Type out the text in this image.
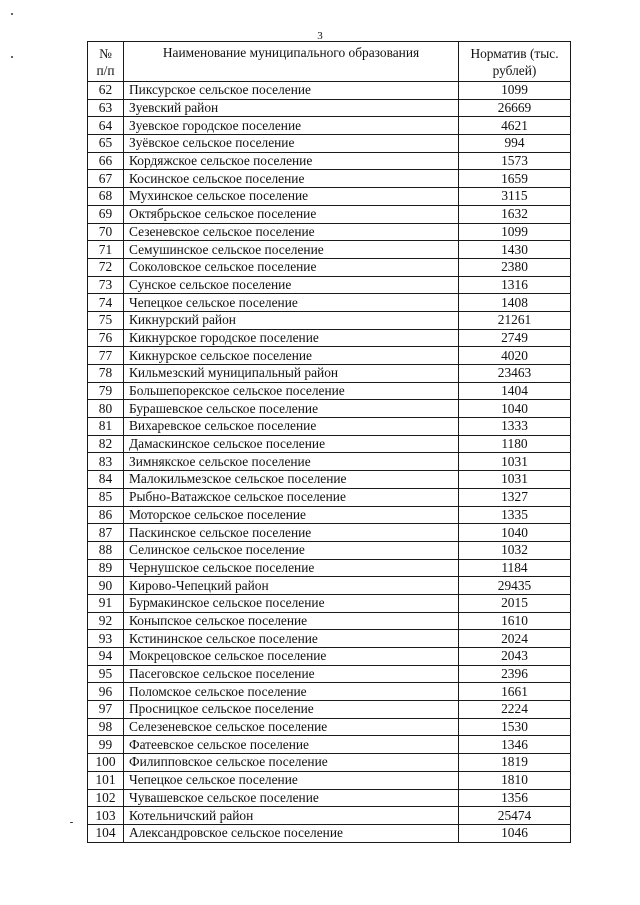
3
№ п/п	Наименование муниципального образования	Норматив (тыс. рублей)
62	Пиксурское сельское поселение	1099
63	Зуевский район	26669
64	Зуевское городское поселение	4621
65	Зуёвское сельское поселение	994
66	Кордяжское сельское поселение	1573
67	Косинское сельское поселение	1659
68	Мухинское сельское поселение	3115
69	Октябрьское сельское поселение	1632
70	Сезеневское сельское поселение	1099
71	Семушинское сельское поселение	1430
72	Соколовское сельское поселение	2380
73	Сунское сельское поселение	1316
74	Чепецкое сельское поселение	1408
75	Кикнурский район	21261
76	Кикнурское городское поселение	2749
77	Кикнурское сельское поселение	4020
78	Кильмезский муниципальный район	23463
79	Большепорекское сельское поселение	1404
80	Бурашевское сельское поселение	1040
81	Вихаревское сельское поселение	1333
82	Дамаскинское сельское поселение	1180
83	Зимнякское сельское поселение	1031
84	Малокильмезское сельское поселение	1031
85	Рыбно-Ватажское сельское поселение	1327
86	Моторское сельское поселение	1335
87	Паскинское сельское поселение	1040
88	Селинское сельское поселение	1032
89	Чернушское сельское поселение	1184
90	Кирово-Чепецкий район	29435
91	Бурмакинское сельское поселение	2015
92	Коныпское сельское поселение	1610
93	Кстининское сельское поселение	2024
94	Мокрецовское сельское поселение	2043
95	Пасеговское сельское поселение	2396
96	Поломское сельское поселение	1661
97	Просницкое сельское поселение	2224
98	Селезеневское сельское поселение	1530
99	Фатеевское сельское поселение	1346
100	Филипповское сельское поселение	1819
101	Чепецкое сельское поселение	1810
102	Чувашевское сельское поселение	1356
103	Котельничский район	25474
104	Александровское сельское поселение	1046
